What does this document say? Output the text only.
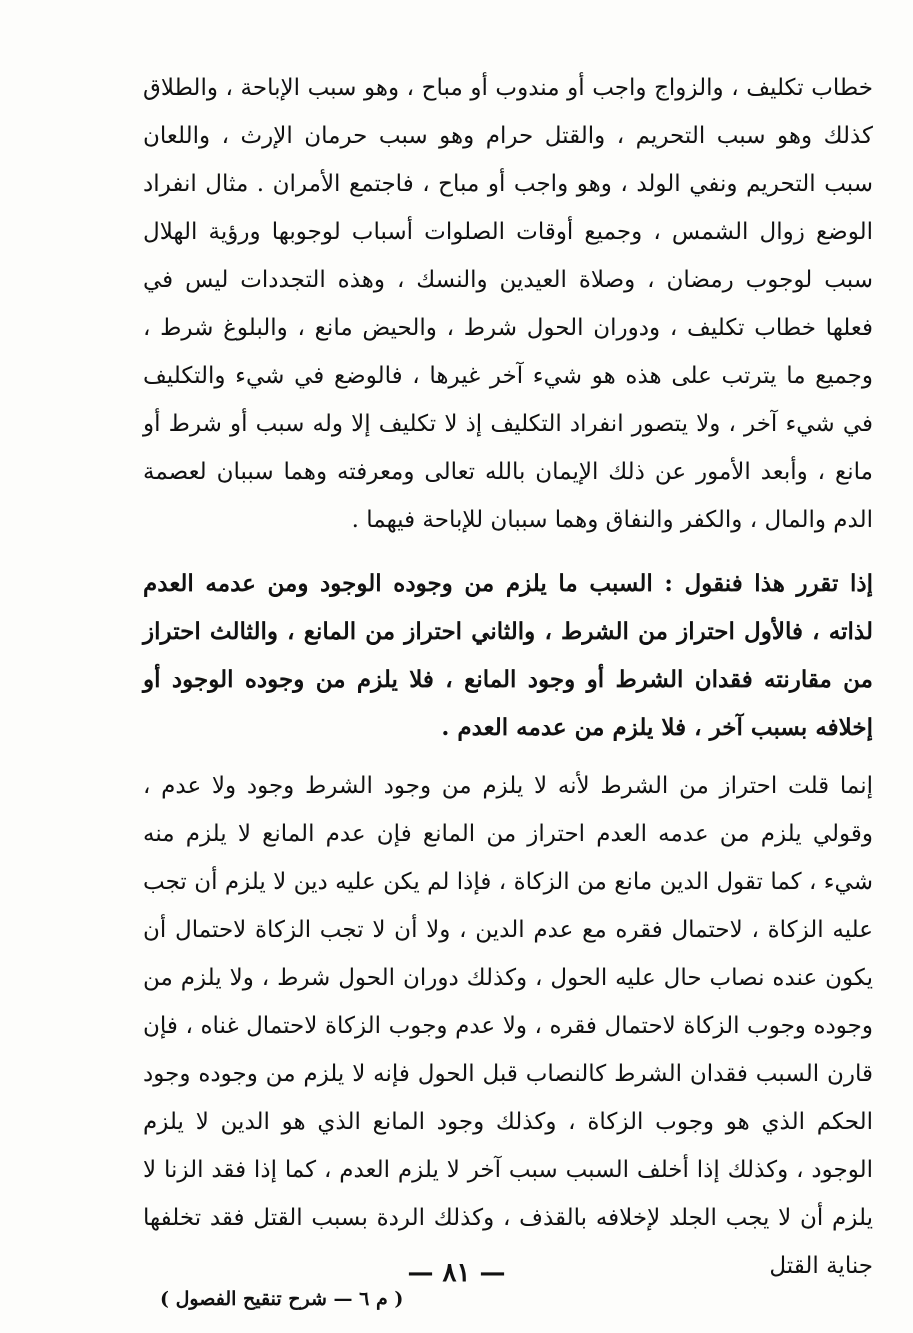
خطاب تكليف ، والزواج واجب أو مندوب أو مباح ، وهو سبب الإباحة ، والطلاق كذلك وهو سبب التحريم ، والقتل حرام وهو سبب حرمان الإرث ، واللعان سبب التحريم ونفي الولد ، وهو واجب أو مباح ، فاجتمع الأمران . مثال انفراد الوضع زوال الشمس ، وجميع أوقات الصلوات أسباب لوجوبها ورؤية الهلال سبب لوجوب رمضان ، وصلاة العيدين والنسك ، وهذه التجددات ليس في فعلها خطاب تكليف ، ودوران الحول شرط ، والحيض مانع ، والبلوغ شرط ، وجميع ما يترتب على هذه هو شيء آخر غيرها ، فالوضع في شيء والتكليف في شيء آخر ، ولا يتصور انفراد التكليف إذ لا تكليف إلا وله سبب أو شرط أو مانع ، وأبعد الأمور عن ذلك الإيمان بالله تعالى ومعرفته وهما سببان لعصمة الدم والمال ، والكفر والنفاق وهما سببان للإباحة فيهما .

إذا تقرر هذا فنقول : السبب ما يلزم من وجوده الوجود ومن عدمه العدم لذاته ، فالأول احتراز من الشرط ، والثاني احتراز من المانع ، والثالث احتراز من مقارنته فقدان الشرط أو وجود المانع ، فلا يلزم من وجوده الوجود أو إخلافه بسبب آخر ، فلا يلزم من عدمه العدم .

إنما قلت احتراز من الشرط لأنه لا يلزم من وجود الشرط وجود ولا عدم ، وقولي يلزم من عدمه العدم احتراز من المانع فإن عدم المانع لا يلزم منه شيء ، كما تقول الدين مانع من الزكاة ، فإذا لم يكن عليه دين لا يلزم أن تجب عليه الزكاة ، لاحتمال فقره مع عدم الدين ، ولا أن لا تجب الزكاة لاحتمال أن يكون عنده نصاب حال عليه الحول ، وكذلك دوران الحول شرط ، ولا يلزم من وجوده وجوب الزكاة لاحتمال فقره ، ولا عدم وجوب الزكاة لاحتمال غناه ، فإن قارن السبب فقدان الشرط كالنصاب قبل الحول فإنه لا يلزم من وجوده وجود الحكم الذي هو وجوب الزكاة ، وكذلك وجود المانع الذي هو الدين لا يلزم الوجود ، وكذلك إذا أخلف السبب سبب آخر لا يلزم العدم ، كما إذا فقد الزنا لا يلزم أن لا يجب الجلد لإخلافه بالقذف ، وكذلك الردة بسبب القتل فقد تخلفها جناية القتل

— ٨١ —
( م ٦ — شرح تنقيح الفصول )
